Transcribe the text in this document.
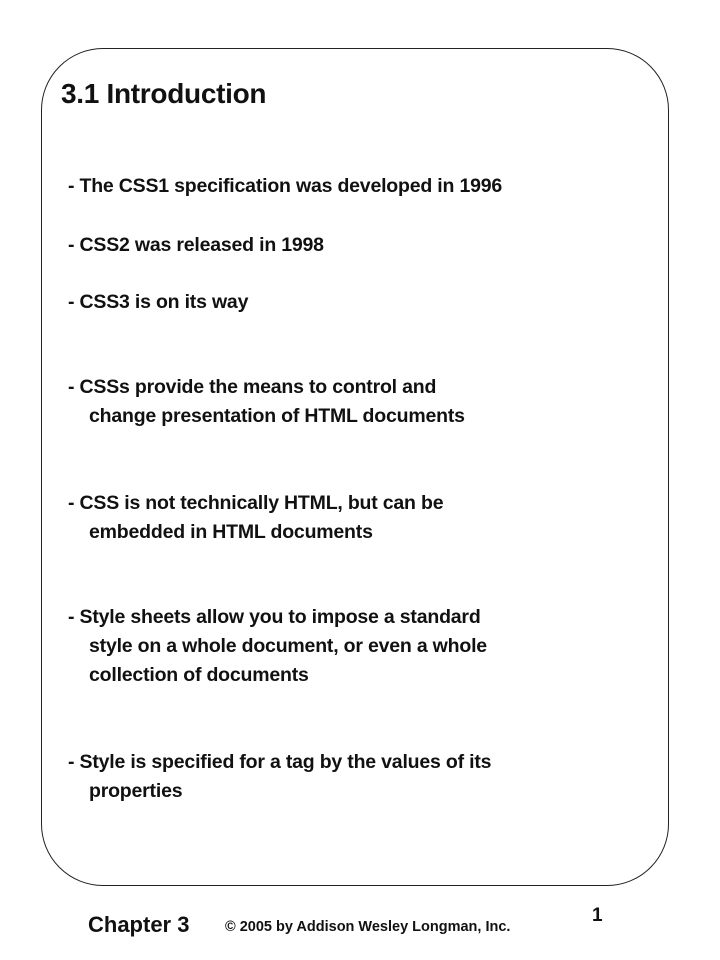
3.1 Introduction
- The CSS1 specification was developed in 1996
- CSS2 was released in 1998
- CSS3 is on its way
- CSSs provide the means to control and
change presentation of HTML documents
- CSS is not technically HTML, but can be
embedded in HTML documents
- Style sheets allow you to impose a standard
style on a whole document, or even a whole
collection of documents
- Style is specified for a tag by the values of its
properties
Chapter 3 © 2005 by Addison Wesley Longman, Inc.
1
